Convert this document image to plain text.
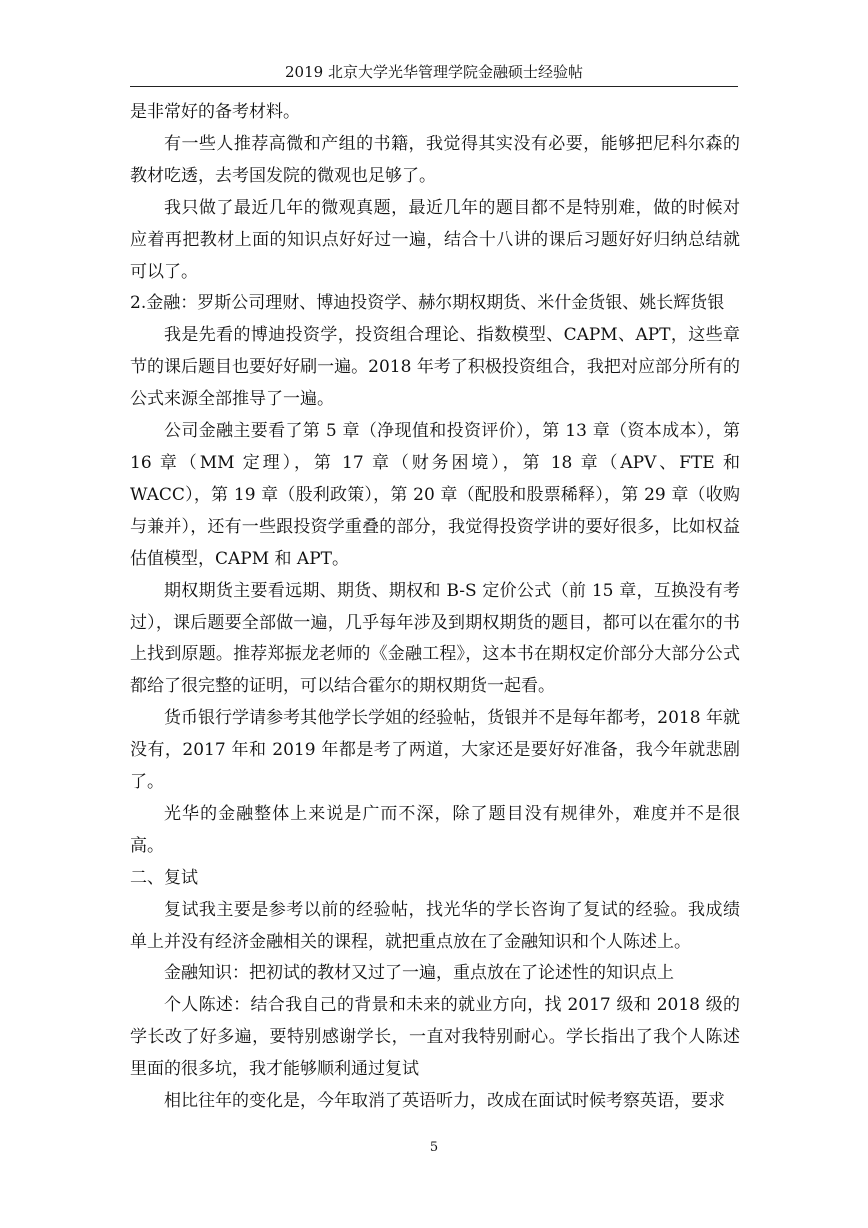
2019 北京大学光华管理学院金融硕士经验帖

是非常好的备考材料。

有一些人推荐高微和产组的书籍，我觉得其实没有必要，能够把尼科尔森的教材吃透，去考国发院的微观也足够了。

我只做了最近几年的微观真题，最近几年的题目都不是特别难，做的时候对应着再把教材上面的知识点好好过一遍，结合十八讲的课后习题好好归纳总结就可以了。

2.金融：罗斯公司理财、博迪投资学、赫尔期权期货、米什金货银、姚长辉货银

我是先看的博迪投资学，投资组合理论、指数模型、CAPM、APT，这些章节的课后题目也要好好刷一遍。2018 年考了积极投资组合，我把对应部分所有的公式来源全部推导了一遍。

公司金融主要看了第 5 章（净现值和投资评价），第 13 章（资本成本），第 16 章（MM 定理），第 17 章（财务困境），第 18 章（APV、FTE 和 WACC），第 19 章（股利政策），第 20 章（配股和股票稀释），第 29 章（收购与兼并），还有一些跟投资学重叠的部分，我觉得投资学讲的要好很多，比如权益估值模型，CAPM 和 APT。

期权期货主要看远期、期货、期权和 B-S 定价公式（前 15 章，互换没有考过），课后题要全部做一遍，几乎每年涉及到期权期货的题目，都可以在霍尔的书上找到原题。推荐郑振龙老师的《金融工程》，这本书在期权定价部分大部分公式都给了很完整的证明，可以结合霍尔的期权期货一起看。

货币银行学请参考其他学长学姐的经验帖，货银并不是每年都考，2018 年就没有，2017 年和 2019 年都是考了两道，大家还是要好好准备，我今年就悲剧了。

光华的金融整体上来说是广而不深，除了题目没有规律外，难度并不是很高。

二、复试

复试我主要是参考以前的经验帖，找光华的学长咨询了复试的经验。我成绩单上并没有经济金融相关的课程，就把重点放在了金融知识和个人陈述上。

金融知识：把初试的教材又过了一遍，重点放在了论述性的知识点上

个人陈述：结合我自己的背景和未来的就业方向，找 2017 级和 2018 级的学长改了好多遍，要特别感谢学长，一直对我特别耐心。学长指出了我个人陈述里面的很多坑，我才能够顺利通过复试

相比往年的变化是，今年取消了英语听力，改成在面试时候考察英语，要求

5
